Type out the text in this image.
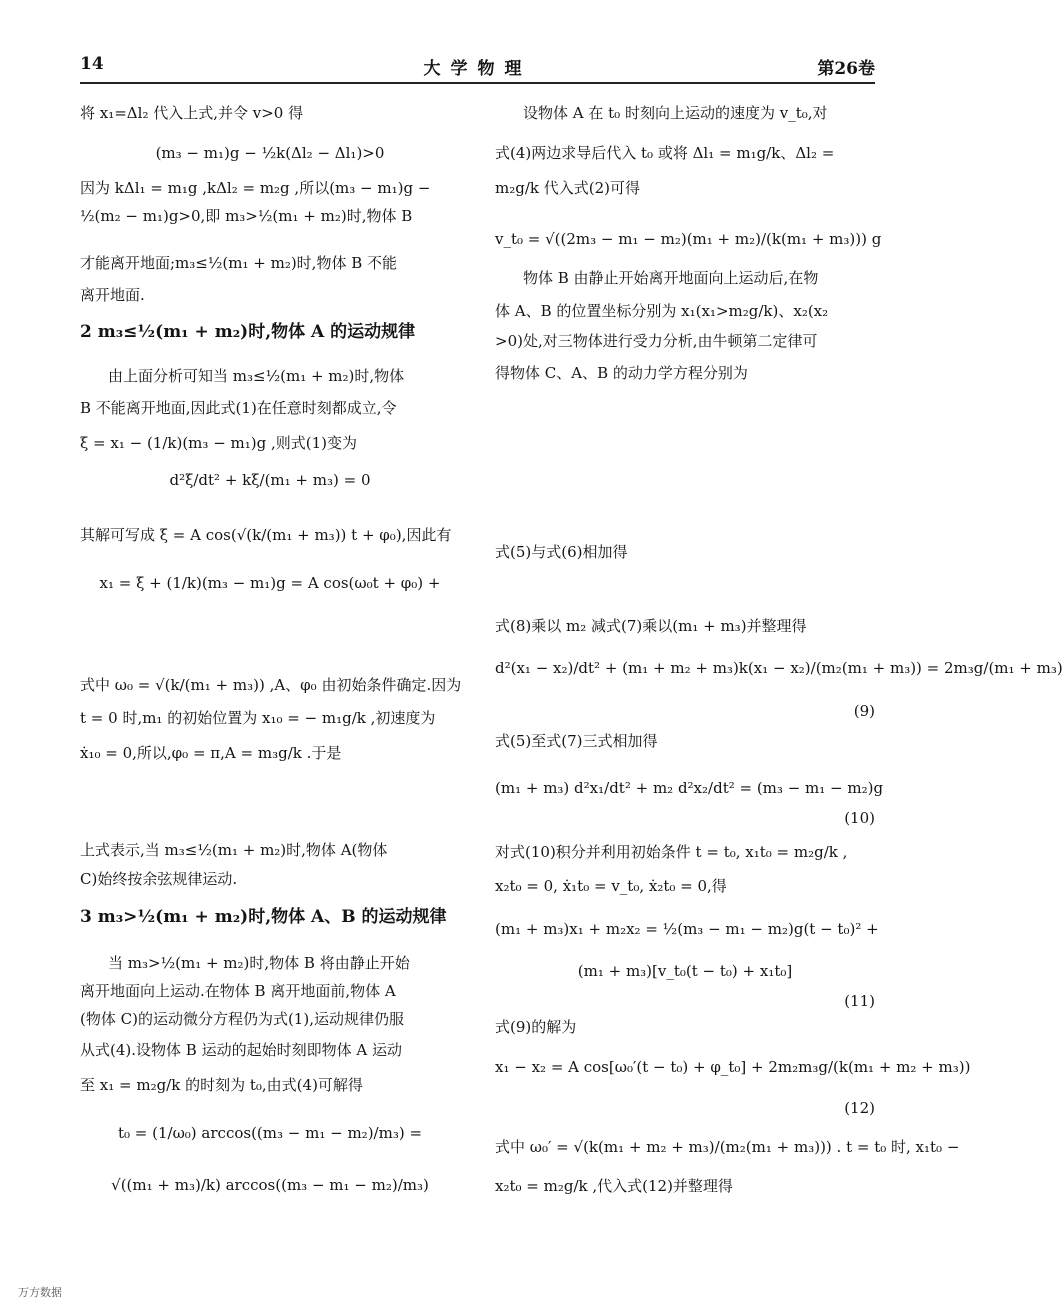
14	大学物理	第26卷
将 x₁=Δl₂ 代入上式,并令 v>0 得
(m₃ − m₁)g − ½k(Δl₂ − Δl₁)>0
因为 kΔl₁ = m₁g ,kΔl₂ = m₂g ,所以(m₃ − m₁)g −
½(m₂ − m₁)g>0,即 m₃>½(m₁ + m₂)时,物体 B
才能离开地面;m₃≤½(m₁ + m₂)时,物体 B 不能
离开地面.
2 m₃≤½(m₁ + m₂)时,物体 A 的运动规律
由上面分析可知当 m₃≤½(m₁ + m₂)时,物体
B 不能离开地面,因此式(1)在任意时刻都成立,令
ξ = x₁ − (1/k)(m₃ − m₁)g ,则式(1)变为
d²ξ/dt² + kξ/(m₁ + m₃) = 0
其解可写成 ξ = A cos(√(k/(m₁ + m₃)) t + φ₀),因此有
x₁ = ξ + (1/k)(m₃ − m₁)g = A cos(ω₀t + φ₀) +
式中 ω₀ = √(k/(m₁ + m₃)) ,A、φ₀ 由初始条件确定.因为
t = 0 时,m₁ 的初始位置为 x₁₀ = − m₁g/k ,初速度为
ẋ₁₀ = 0,所以,φ₀ = π,A = m₃g/k .于是
上式表示,当 m₃≤½(m₁ + m₂)时,物体 A(物体
C)始终按余弦规律运动.
3 m₃>½(m₁ + m₂)时,物体 A、B 的运动规律
当 m₃>½(m₁ + m₂)时,物体 B 将由静止开始
离开地面向上运动.在物体 B 离开地面前,物体 A
(物体 C)的运动微分方程仍为式(1),运动规律仍服
从式(4).设物体 B 运动的起始时刻即物体 A 运动
至 x₁ = m₂g/k 的时刻为 t₀,由式(4)可解得
t₀ = (1/ω₀) arccos((m₃ − m₁ − m₂)/m₃) =
√((m₁ + m₃)/k) arccos((m₃ − m₁ − m₂)/m₃)
设物体 A 在 t₀ 时刻向上运动的速度为 v_t₀,对
式(4)两边求导后代入 t₀ 或将 Δl₁ = m₁g/k、Δl₂ =
m₂g/k 代入式(2)可得
v_t₀ = √((2m₃ − m₁ − m₂)(m₁ + m₂)/(k(m₁ + m₃))) g
物体 B 由静止开始离开地面向上运动后,在物
体 A、B 的位置坐标分别为 x₁(x₁>m₂g/k)、x₂(x₂
>0)处,对三物体进行受力分析,由牛顿第二定律可
得物体 C、A、B 的动力学方程分别为
式(5)与式(6)相加得
式(8)乘以 m₂ 减式(7)乘以(m₁ + m₃)并整理得
d²(x₁ − x₂)/dt² + (m₁ + m₂ + m₃)k(x₁ − x₂)/(m₂(m₁ + m₃)) = 2m₃g/(m₁ + m₃)
(9)
式(5)至式(7)三式相加得
(m₁ + m₃) d²x₁/dt² + m₂ d²x₂/dt² = (m₃ − m₁ − m₂)g
(10)
对式(10)积分并利用初始条件 t = t₀, x₁t₀ = m₂g/k ,
x₂t₀ = 0, ẋ₁t₀ = v_t₀, ẋ₂t₀ = 0,得
(m₁ + m₃)x₁ + m₂x₂ = ½(m₃ − m₁ − m₂)g(t − t₀)² +
(m₁ + m₃)[v_t₀(t − t₀) + x₁t₀]
(11)
式(9)的解为
x₁ − x₂ = A cos[ω₀′(t − t₀) + φ_t₀] + 2m₂m₃g/(k(m₁ + m₂ + m₃))
(12)
式中 ω₀′ = √(k(m₁ + m₂ + m₃)/(m₂(m₁ + m₃))) . t = t₀ 时, x₁t₀ −
x₂t₀ = m₂g/k ,代入式(12)并整理得
万方数据
